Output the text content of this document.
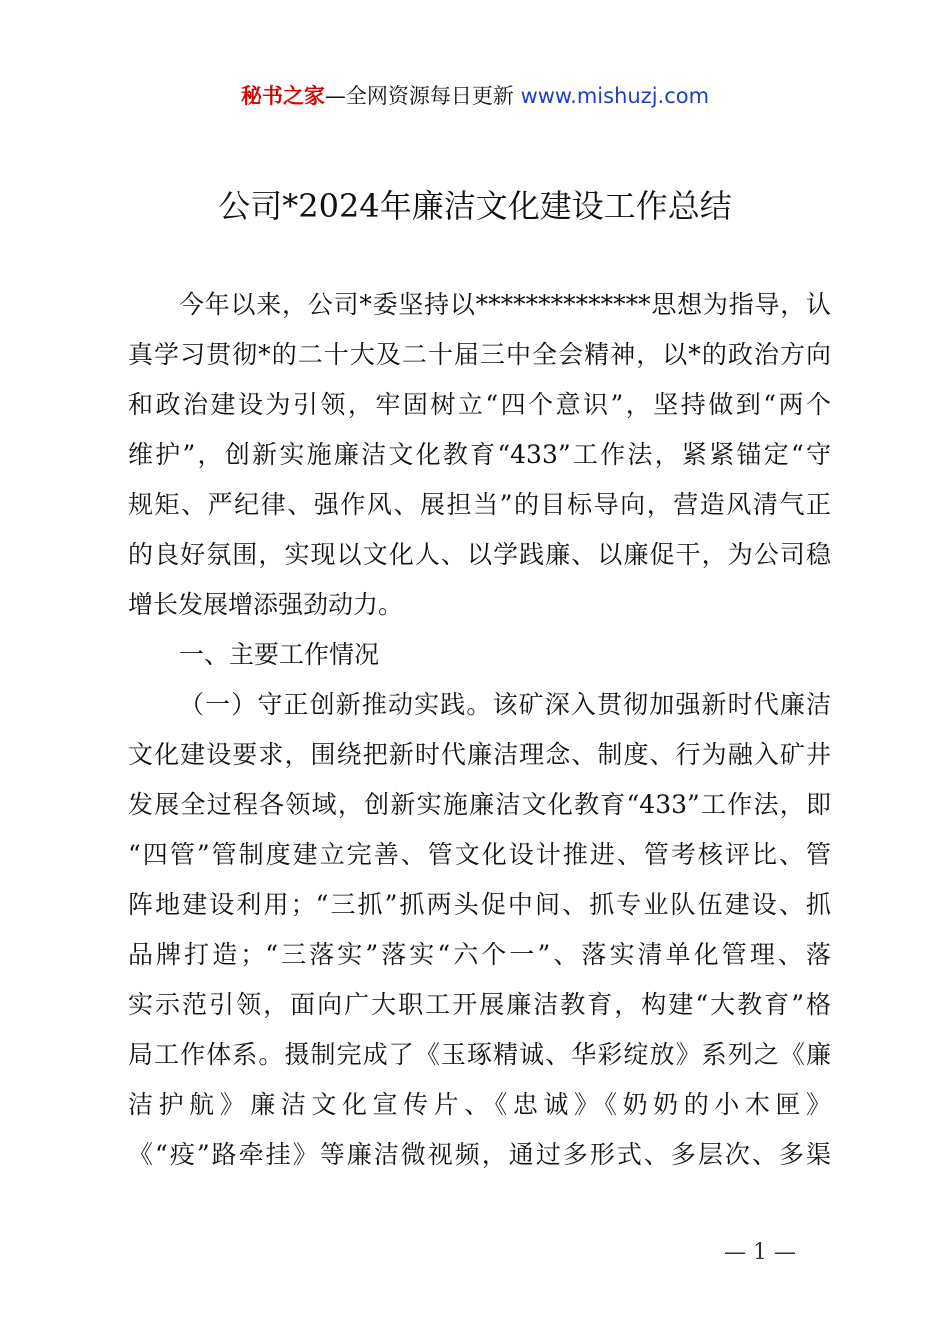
秘书之家—全网资源每日更新 www.mishuzj.com
公司*2024年廉洁文化建设工作总结
今年以来，公司*委坚持以**************思想为指导，认
真学习贯彻*的二十大及二十届三中全会精神，以*的政治方向
和政治建设为引领，牢固树立“四个意识”，坚持做到“两个
维护”，创新实施廉洁文化教育“433”工作法，紧紧锚定“守
规矩、严纪律、强作风、展担当”的目标导向，营造风清气正
的良好氛围，实现以文化人、以学践廉、以廉促干，为公司稳
增长发展增添强劲动力。
一、主要工作情况
（一）守正创新推动实践。该矿深入贯彻加强新时代廉洁
文化建设要求，围绕把新时代廉洁理念、制度、行为融入矿井
发展全过程各领域，创新实施廉洁文化教育“433”工作法，即
“四管”管制度建立完善、管文化设计推进、管考核评比、管
阵地建设利用；“三抓”抓两头促中间、抓专业队伍建设、抓
品牌打造；“三落实”落实“六个一”、落实清单化管理、落
实示范引领，面向广大职工开展廉洁教育，构建“大教育”格
局工作体系。摄制完成了《玉琢精诚、华彩绽放》系列之《廉
洁护航》廉洁文化宣传片、《忠诚》《奶奶的小木匣》
《“疫”路牵挂》等廉洁微视频，通过多形式、多层次、多渠
— 1 —
